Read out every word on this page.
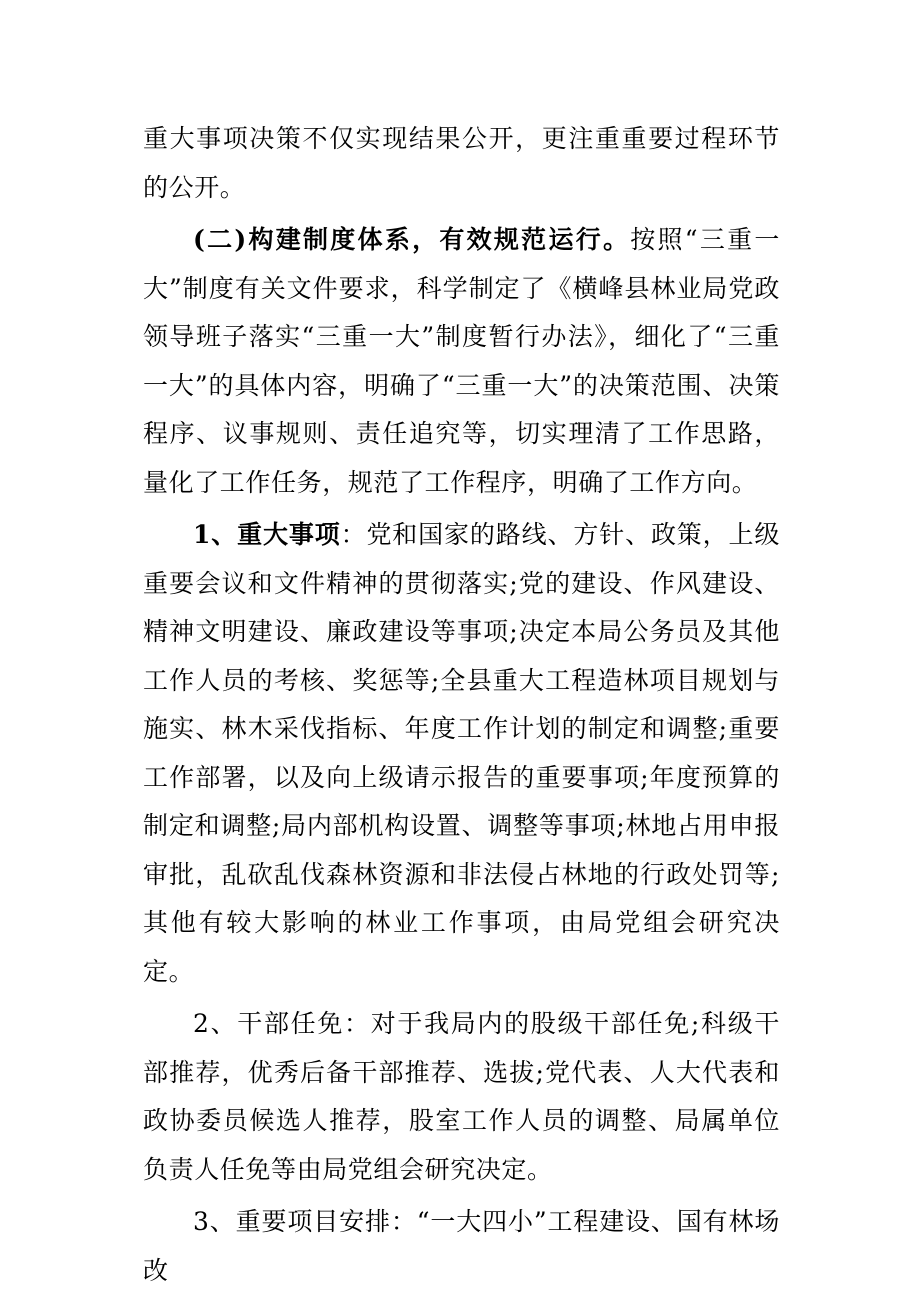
重大事项决策不仅实现结果公开，更注重重要过程环节的公开。

(二)构建制度体系，有效规范运行。按照“三重一大”制度有关文件要求，科学制定了《横峰县林业局党政领导班子落实“三重一大”制度暂行办法》，细化了“三重一大”的具体内容，明确了“三重一大”的决策范围、决策程序、议事规则、责任追究等，切实理清了工作思路，量化了工作任务，规范了工作程序，明确了工作方向。

1、重大事项：党和国家的路线、方针、政策，上级重要会议和文件精神的贯彻落实;党的建设、作风建设、精神文明建设、廉政建设等事项;决定本局公务员及其他工作人员的考核、奖惩等;全县重大工程造林项目规划与施实、林木采伐指标、年度工作计划的制定和调整;重要工作部署，以及向上级请示报告的重要事项;年度预算的制定和调整;局内部机构设置、调整等事项;林地占用申报审批，乱砍乱伐森林资源和非法侵占林地的行政处罚等;其他有较大影响的林业工作事项，由局党组会研究决定。

2、干部任免：对于我局内的股级干部任免;科级干部推荐，优秀后备干部推荐、选拔;党代表、人大代表和政协委员候选人推荐，股室工作人员的调整、局属单位负责人任免等由局党组会研究决定。

3、重要项目安排：“一大四小”工程建设、国有林场改
